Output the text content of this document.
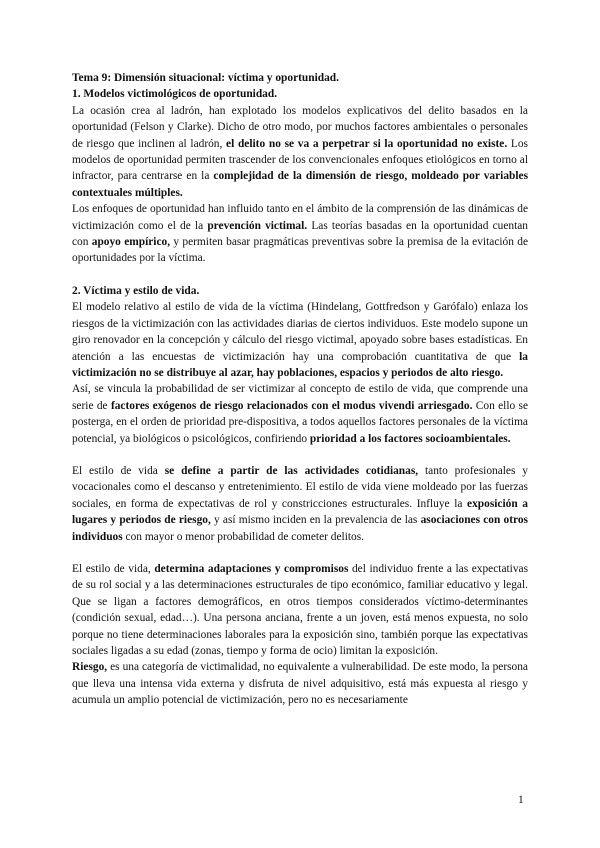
Tema 9: Dimensión situacional: víctima y oportunidad.

1. Modelos victimológicos de oportunidad.

La ocasión crea al ladrón, han explotado los modelos explicativos del delito basados en la oportunidad (Felson y Clarke). Dicho de otro modo, por muchos factores ambientales o personales de riesgo que inclinen al ladrón, el delito no se va a perpetrar si la oportunidad no existe. Los modelos de oportunidad permiten trascender de los convencionales enfoques etiológicos en torno al infractor, para centrarse en la complejidad de la dimensión de riesgo, moldeado por variables contextuales múltiples.

Los enfoques de oportunidad han influido tanto en el ámbito de la comprensión de las dinámicas de victimización como el de la prevención victimal. Las teorías basadas en la oportunidad cuentan con apoyo empírico, y permiten basar pragmáticas preventivas sobre la premisa de la evitación de oportunidades por la víctima.

2. Víctima y estilo de vida.

El modelo relativo al estilo de vida de la víctima (Hindelang, Gottfredson y Garófalo) enlaza los riesgos de la victimización con las actividades diarias de ciertos individuos. Este modelo supone un giro renovador en la concepción y cálculo del riesgo victimal, apoyado sobre bases estadísticas. En atención a las encuestas de victimización hay una comprobación cuantitativa de que la victimización no se distribuye al azar, hay poblaciones, espacios y periodos de alto riesgo.

Así, se vincula la probabilidad de ser victimizar al concepto de estilo de vida, que comprende una serie de factores exógenos de riesgo relacionados con el modus vivendi arriesgado. Con ello se posterga, en el orden de prioridad pre-dispositiva, a todos aquellos factores personales de la víctima potencial, ya biológicos o psicológicos, confiriendo prioridad a los factores socioambientales.

El estilo de vida se define a partir de las actividades cotidianas, tanto profesionales y vocacionales como el descanso y entretenimiento. El estilo de vida viene moldeado por las fuerzas sociales, en forma de expectativas de rol y constricciones estructurales. Influye la exposición a lugares y periodos de riesgo, y así mismo inciden en la prevalencia de las asociaciones con otros individuos con mayor o menor probabilidad de cometer delitos.

El estilo de vida, determina adaptaciones y compromisos del individuo frente a las expectativas de su rol social y a las determinaciones estructurales de tipo económico, familiar educativo y legal. Que se ligan a factores demográficos, en otros tiempos considerados víctimo-determinantes (condición sexual, edad…). Una persona anciana, frente a un joven, está menos expuesta, no solo porque no tiene determinaciones laborales para la exposición sino, también porque las expectativas sociales ligadas a su edad (zonas, tiempo y forma de ocio) limitan la exposición.

Riesgo, es una categoría de victimalidad, no equivalente a vulnerabilidad. De este modo, la persona que lleva una intensa vida externa y disfruta de nivel adquisitivo, está más expuesta al riesgo y acumula un amplio potencial de victimización, pero no es necesariamente

1
